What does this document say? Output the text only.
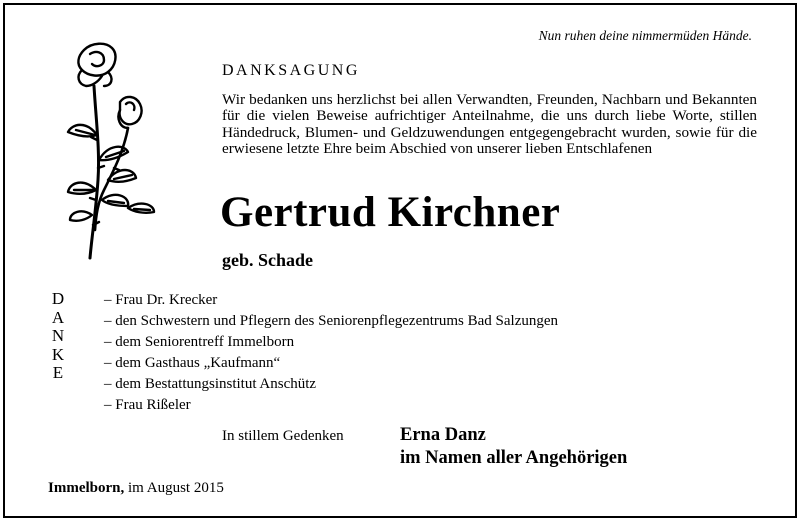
Nun ruhen deine nimmermüden Hände.
DANKSAGUNG
Wir bedanken uns herzlichst bei allen Verwandten, Freunden, Nachbarn und Bekannten für die vielen Beweise aufrichtiger Anteilnahme, die uns durch liebe Worte, stillen Händedruck, Blumen- und Geldzuwendungen entgegengebracht wurden, sowie für die erwiesene letzte Ehre beim Abschied von unserer lieben Entschlafenen
Gertrud Kirchner
geb. Schade
D
A
N
K
E
– Frau Dr. Krecker
– den Schwestern und Pflegern des Seniorenpflegezentrums Bad Salzungen
– dem Seniorentreff Immelborn
– dem Gasthaus „Kaufmann“
– dem Bestattungsinstitut Anschütz
– Frau Rißeler
In stillem Gedenken	Erna Danz
im Namen aller Angehörigen
Immelborn, im August 2015
